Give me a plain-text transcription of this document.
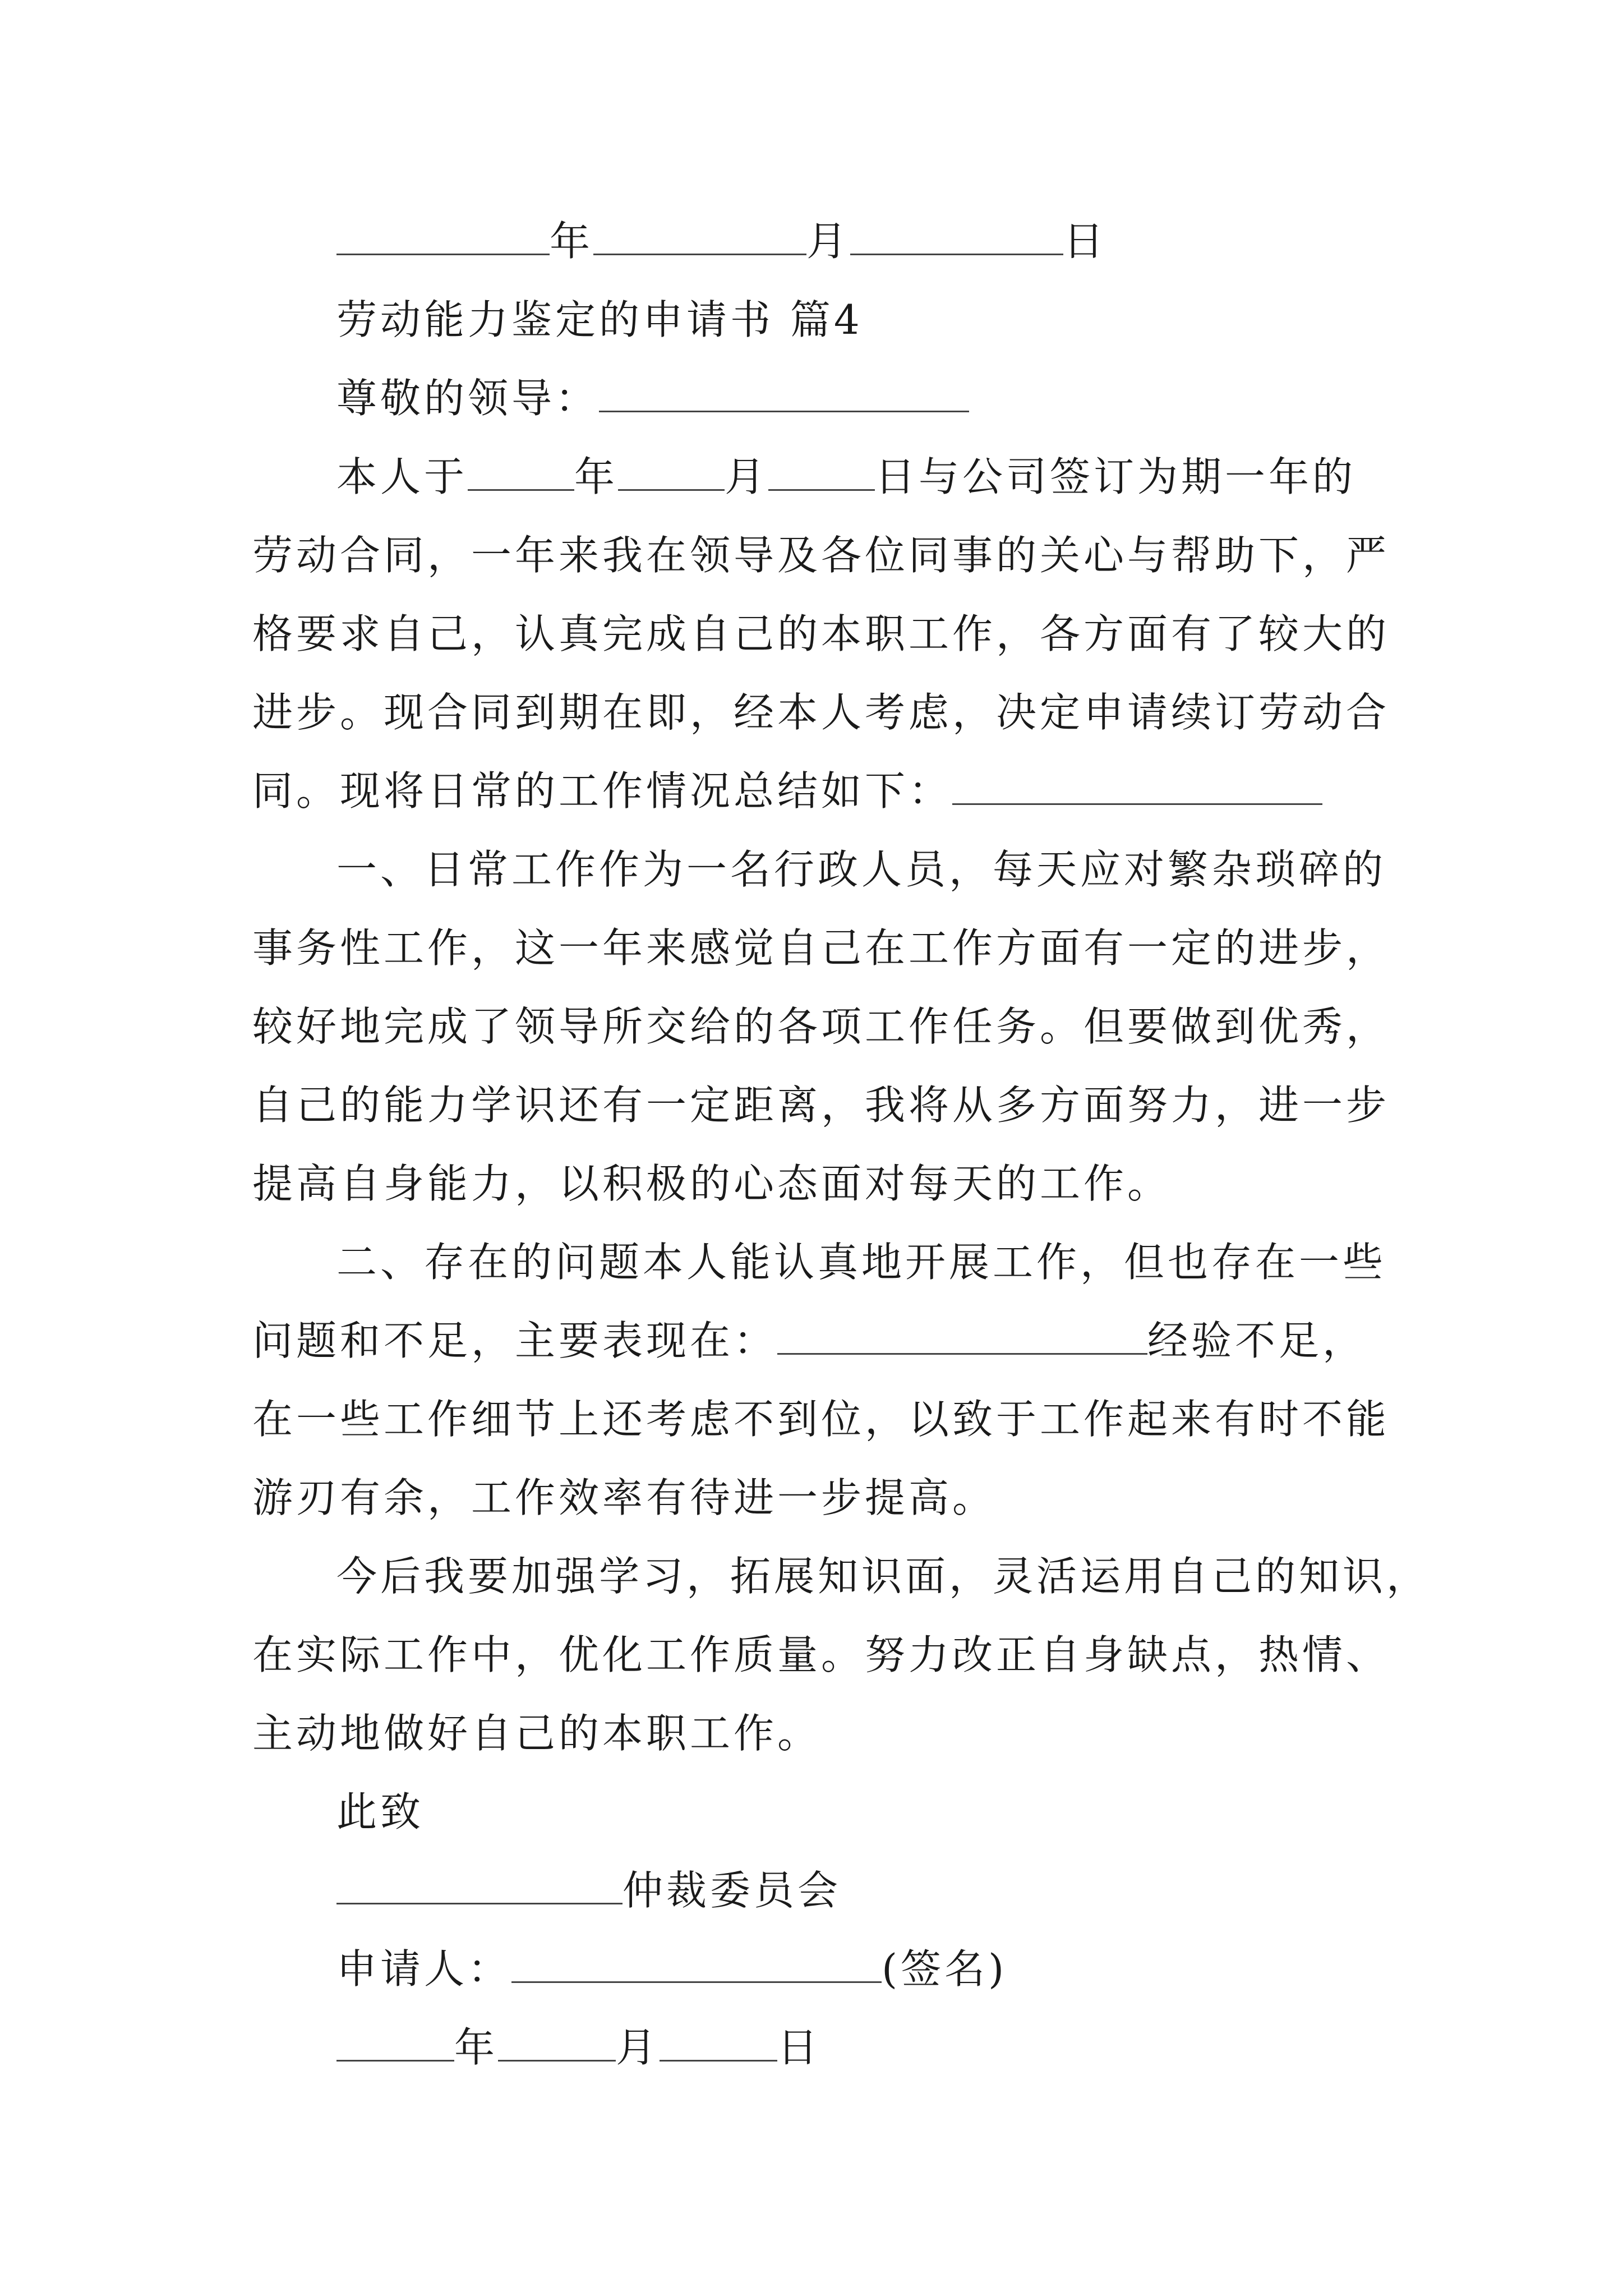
年	月	日
劳动能力鉴定的申请书 篇4
尊敬的领导：
本人于	年	月	日与公司签订为期一年的
劳动合同，一年来我在领导及各位同事的关心与帮助下，严
格要求自己，认真完成自己的本职工作，各方面有了较大的
进步。现合同到期在即，经本人考虑，决定申请续订劳动合
同。现将日常的工作情况总结如下：
一、日常工作作为一名行政人员，每天应对繁杂琐碎的
事务性工作，这一年来感觉自己在工作方面有一定的进步，
较好地完成了领导所交给的各项工作任务。但要做到优秀，
自己的能力学识还有一定距离，我将从多方面努力，进一步
提高自身能力，以积极的心态面对每天的工作。
二、存在的问题本人能认真地开展工作，但也存在一些
问题和不足，主要表现在：	经验不足，
在一些工作细节上还考虑不到位，以致于工作起来有时不能
游刃有余，工作效率有待进一步提高。
今后我要加强学习，拓展知识面，灵活运用自己的知识，
在实际工作中，优化工作质量。努力改正自身缺点，热情、
主动地做好自己的本职工作。
此致
仲裁委员会
申请人：	(签名)
年	月	日
